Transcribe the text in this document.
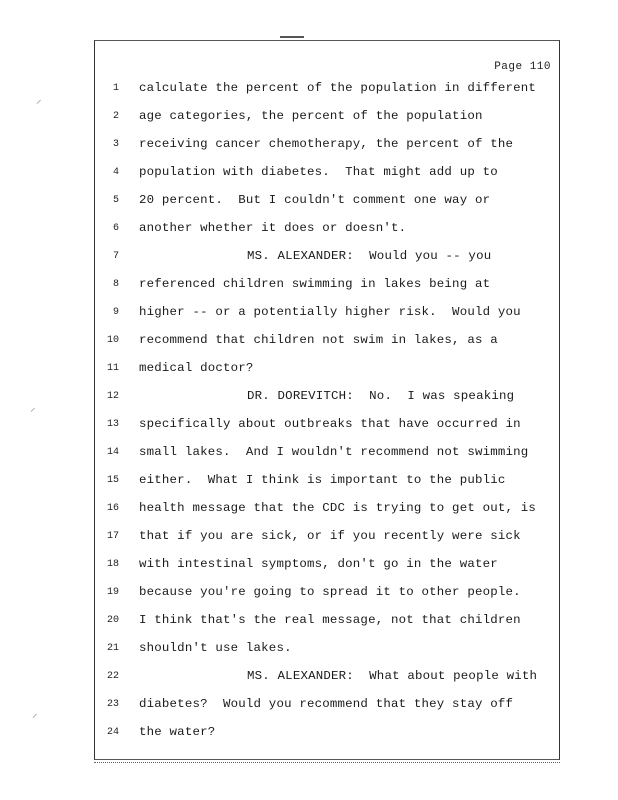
Page 110
1 calculate the percent of the population in different
2 age categories, the percent of the population
3 receiving cancer chemotherapy, the percent of the
4 population with diabetes.  That might add up to
5 20 percent.  But I couldn't comment one way or
6 another whether it does or doesn't.
7	MS. ALEXANDER:  Would you -- you
8 referenced children swimming in lakes being at
9 higher -- or a potentially higher risk.  Would you
10 recommend that children not swim in lakes, as a
11 medical doctor?
12	DR. DOREVITCH:  No.  I was speaking
13 specifically about outbreaks that have occurred in
14 small lakes.  And I wouldn't recommend not swimming
15 either.  What I think is important to the public
16 health message that the CDC is trying to get out, is
17 that if you are sick, or if you recently were sick
18 with intestinal symptoms, don't go in the water
19 because you're going to spread it to other people.
20 I think that's the real message, not that children
21 shouldn't use lakes.
22	MS. ALEXANDER:  What about people with
23 diabetes?  Would you recommend that they stay off
24 the water?
⸝
⸝
⸝
